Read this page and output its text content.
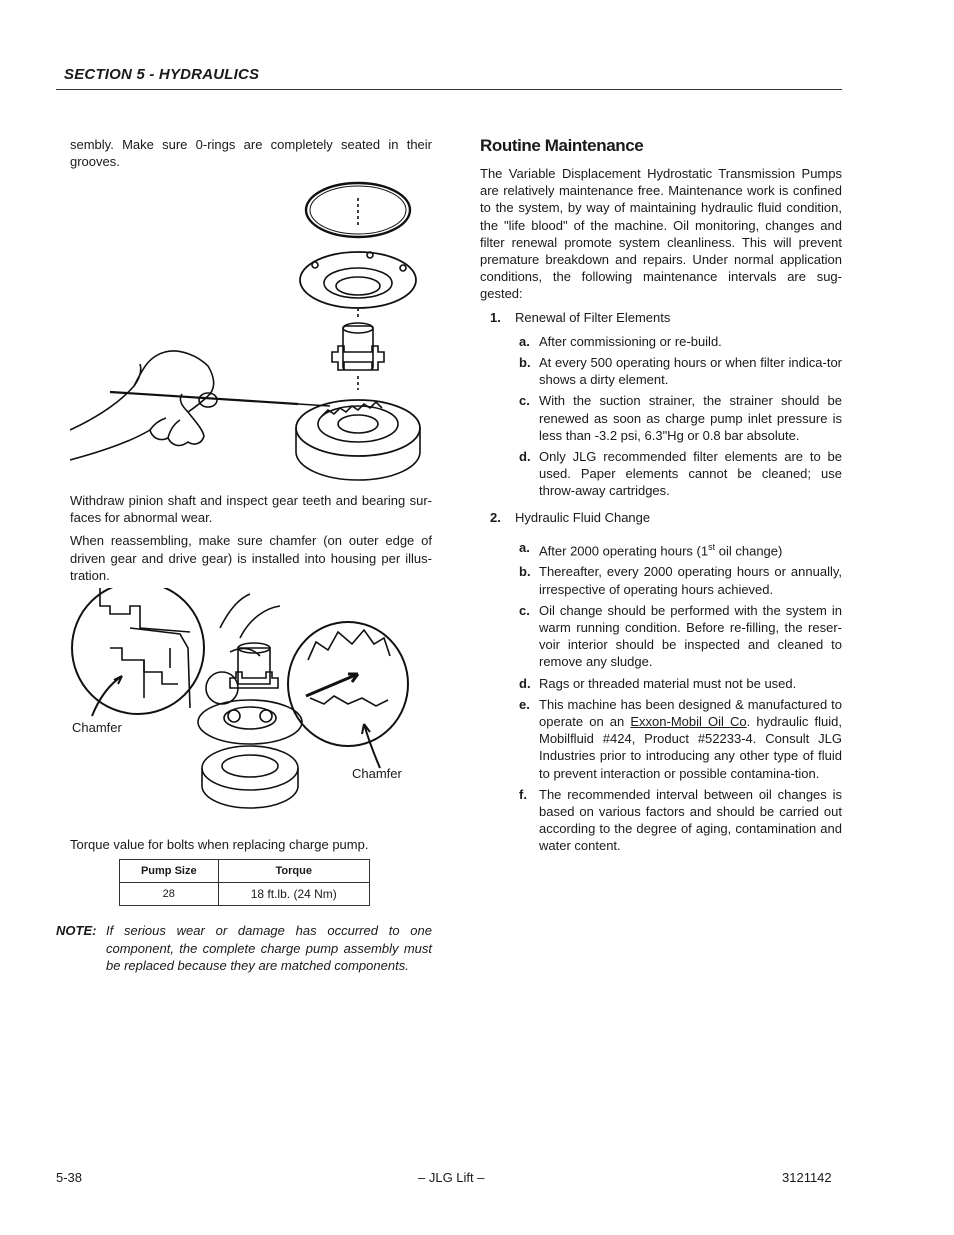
SECTION 5 - HYDRAULICS

sembly. Make sure 0-rings are completely seated in their grooves.

Withdraw pinion shaft and inspect gear teeth and bearing sur-faces for abnormal wear.

When reassembling, make sure chamfer (on outer edge of driven gear and drive gear) is installed into housing per illus-tration.

Chamfer
Chamfer
Torque value for bolts when replacing charge pump.
Pump Size	Torque
28	18 ft.lb. (24 Nm)
NOTE: If serious wear or damage has occurred to one component, the complete charge pump assembly must be replaced because they are matched components.
Routine Maintenance

The Variable Displacement Hydrostatic Transmission Pumps are relatively maintenance free. Maintenance work is confined to the system, by way of maintaining hydraulic fluid condition, the "life blood" of the machine. Oil monitoring, changes and filter renewal promote system cleanliness. This will prevent premature breakdown and repairs. Under normal application conditions, the following maintenance intervals are sug-gested:

1. Renewal of Filter Elements
a. After commissioning or re-build.
b. At every 500 operating hours or when filter indica-tor shows a dirty element.
c. With the suction strainer, the strainer should be renewed as soon as charge pump inlet pressure is less than -3.2 psi, 6.3"Hg or 0.8 bar absolute.
d. Only JLG recommended filter elements are to be used. Paper elements cannot be cleaned; use throw-away cartridges.
2. Hydraulic Fluid Change
a. After 2000 operating hours (1st oil change)
b. Thereafter, every 2000 operating hours or annually, irrespective of operating hours achieved.
c. Oil change should be performed with the system in warm running condition. Before re-filling, the reser-voir interior should be inspected and cleaned to remove any sludge.
d. Rags or threaded material must not be used.
e. This machine has been designed & manufactured to operate on an Exxon-Mobil Oil Co. hydraulic fluid, Mobilfluid #424, Product #52233-4. Consult JLG Industries prior to introducing any other type of fluid to prevent interaction or possible contamina-tion.
f. The recommended interval between oil changes is based on various factors and should be carried out according to the degree of aging, contamination and water content.
5-38	– JLG Lift –	3121142
